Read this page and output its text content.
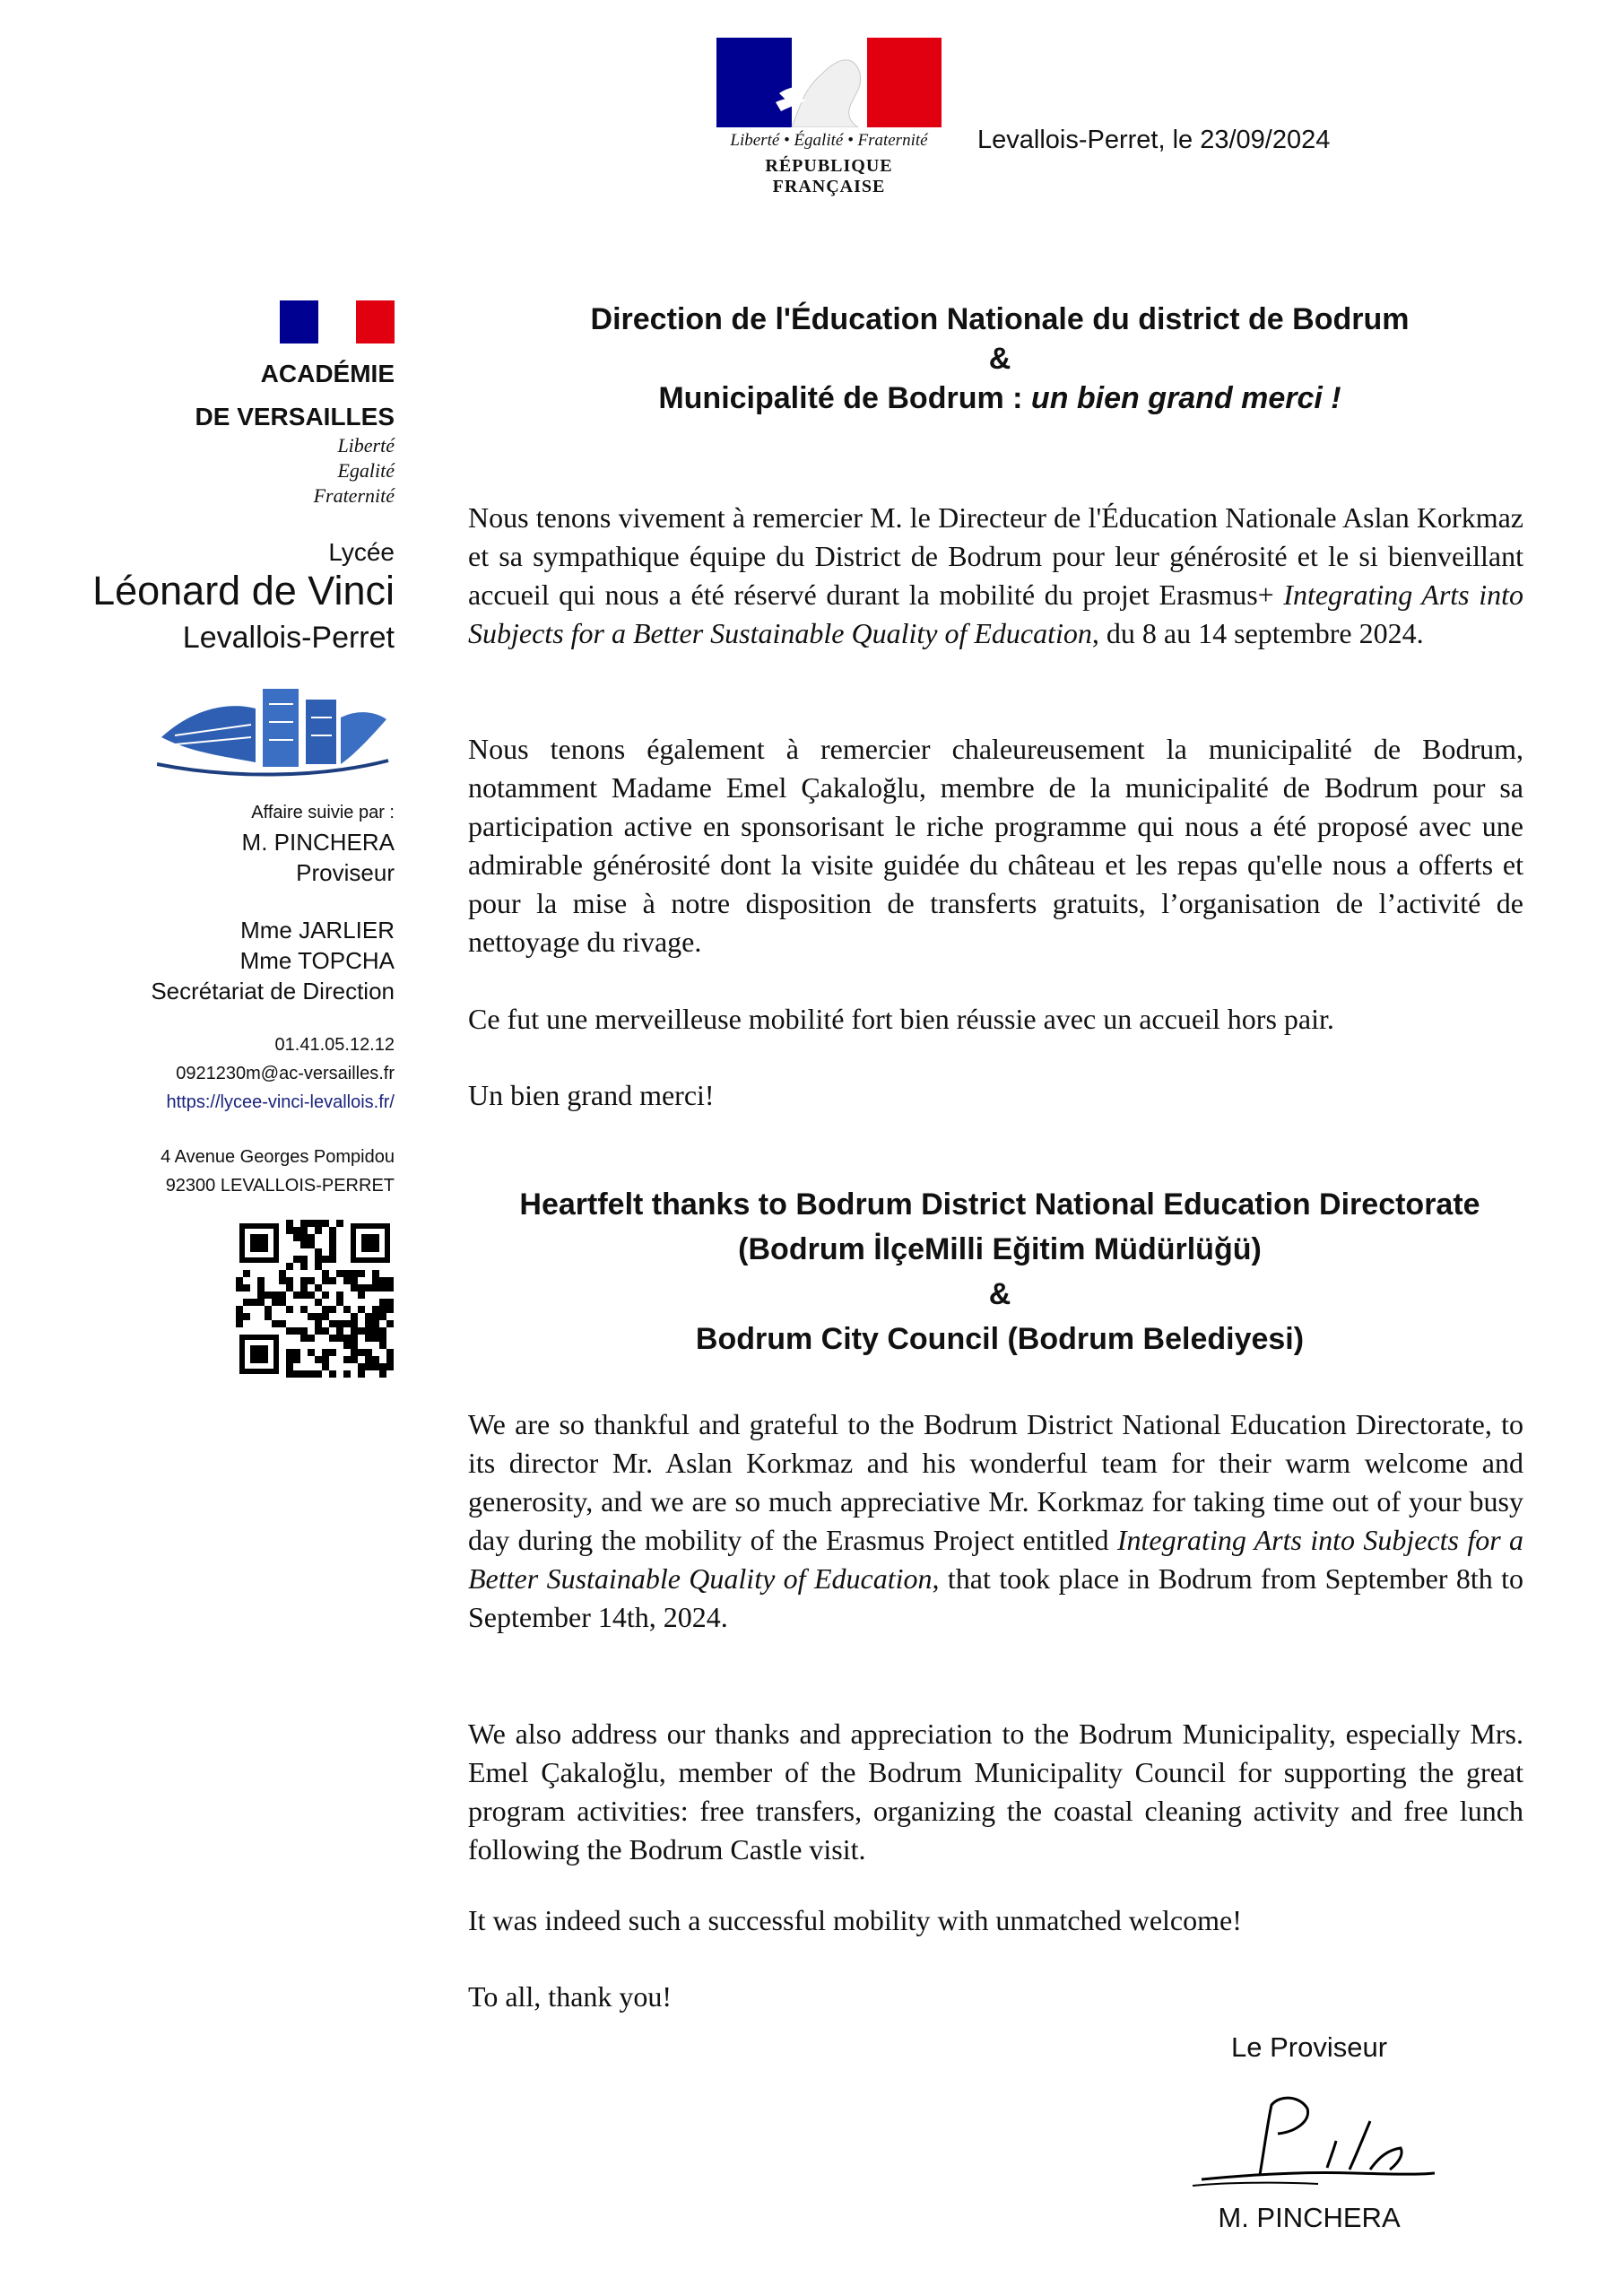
Liberté • Égalité • Fraternité
RÉPUBLIQUE FRANÇAISE
Levallois-Perret, le 23/09/2024
ACADÉMIE
DE VERSAILLES
Liberté
Egalité
Fraternité
Lycée
Léonard de Vinci
Levallois-Perret
Affaire suivie par :
M. PINCHERA
Proviseur
Mme JARLIER
Mme TOPCHA
Secrétariat de Direction
01.41.05.12.12
0921230m@ac-versailles.fr
https://lycee-vinci-levallois.fr/
4 Avenue Georges Pompidou
92300 LEVALLOIS-PERRET
Direction de l'Éducation Nationale du district de Bodrum
&
Municipalité de Bodrum : un bien grand merci !
Nous tenons vivement à remercier M. le Directeur de l'Éducation Nationale Aslan Korkmaz et sa sympathique équipe du District de Bodrum pour leur générosité et le si bienveillant accueil qui nous a été réservé durant la mobilité du projet Erasmus+ Integrating Arts into Subjects for a Better Sustainable Quality of Education, du 8 au 14 septembre 2024.
Nous tenons également à remercier chaleureusement la municipalité de Bodrum, notamment Madame Emel Çakaloğlu, membre de la municipalité de Bodrum pour sa participation active en sponsorisant le riche programme qui nous a été proposé avec une admirable générosité dont la visite guidée du château et les repas qu'elle nous a offerts et pour la mise à notre disposition de transferts gratuits, l’organisation de l’activité de nettoyage du rivage.
Ce fut une merveilleuse mobilité fort bien réussie avec un accueil hors pair.
Un bien grand merci!
Heartfelt thanks to Bodrum District National Education Directorate
(Bodrum İlçeMilli Eğitim Müdürlüğü)
&
Bodrum City Council (Bodrum Belediyesi)
We are so thankful and grateful to the Bodrum District National Education Directorate, to its director Mr. Aslan Korkmaz and his wonderful team for their warm welcome and generosity, and we are so much appreciative Mr. Korkmaz for taking time out of your busy day during the mobility of the Erasmus Project entitled Integrating Arts into Subjects for a Better Sustainable Quality of Education, that took place in Bodrum from September 8th to September 14th, 2024.
We also address our thanks and appreciation to the Bodrum Municipality, especially Mrs. Emel Çakaloğlu, member of the Bodrum Municipality Council for supporting the great program activities: free transfers, organizing the coastal cleaning activity and free lunch following the Bodrum Castle visit.
It was indeed such a successful mobility with unmatched welcome!
To all, thank you!
Le Proviseur
M. PINCHERA
